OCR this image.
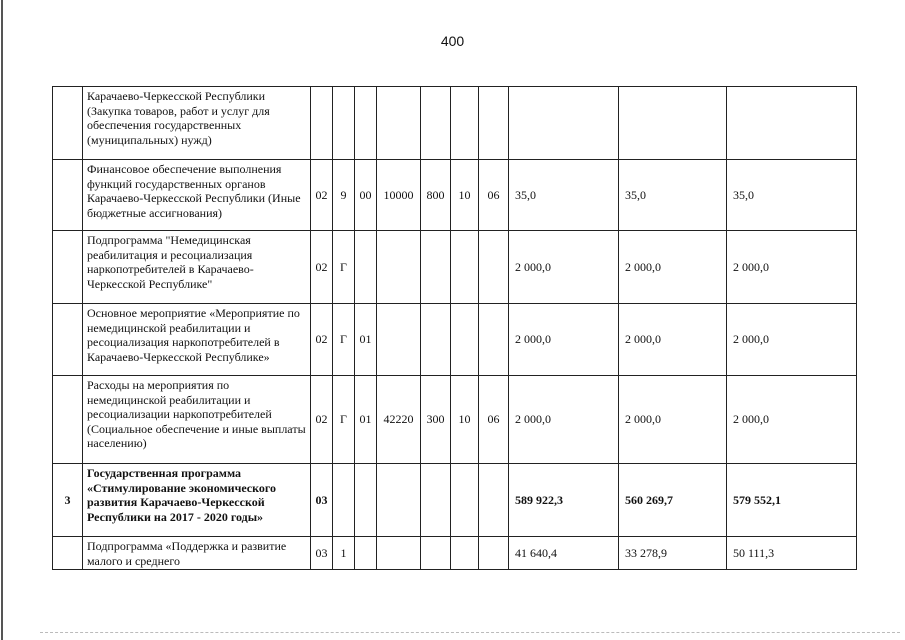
400
	Карачаево-Черкесской Республики (Закупка товаров, работ и услуг для обеспечения государственных (муниципальных) нужд)										
	Финансовое обеспечение выполнения функций государственных органов Карачаево-Черкесской Республики (Иные бюджетные ассигнования)	02	9	00	10000	800	10	06	35,0	35,0	35,0
	Подпрограмма "Немедицинская реабилитация и ресоциализация наркопотребителей в Карачаево-Черкесской Республике"	02	Г						2 000,0	2 000,0	2 000,0
	Основное мероприятие «Мероприятие по немедицинской реабилитации и ресоциализация наркопотребителей в Карачаево-Черкесской Республике»	02	Г	01					2 000,0	2 000,0	2 000,0
	Расходы на мероприятия по немедицинской реабилитации и ресоциализации наркопотребителей (Социальное обеспечение и иные выплаты населению)	02	Г	01	42220	300	10	06	2 000,0	2 000,0	2 000,0
3	Государственная программа «Стимулирование экономического развития Карачаево-Черкесской Республики на 2017 - 2020 годы»	03							589 922,3	560 269,7	579 552,1
	Подпрограмма «Поддержка и развитие малого и среднего	03	1						41 640,4	33 278,9	50 111,3
